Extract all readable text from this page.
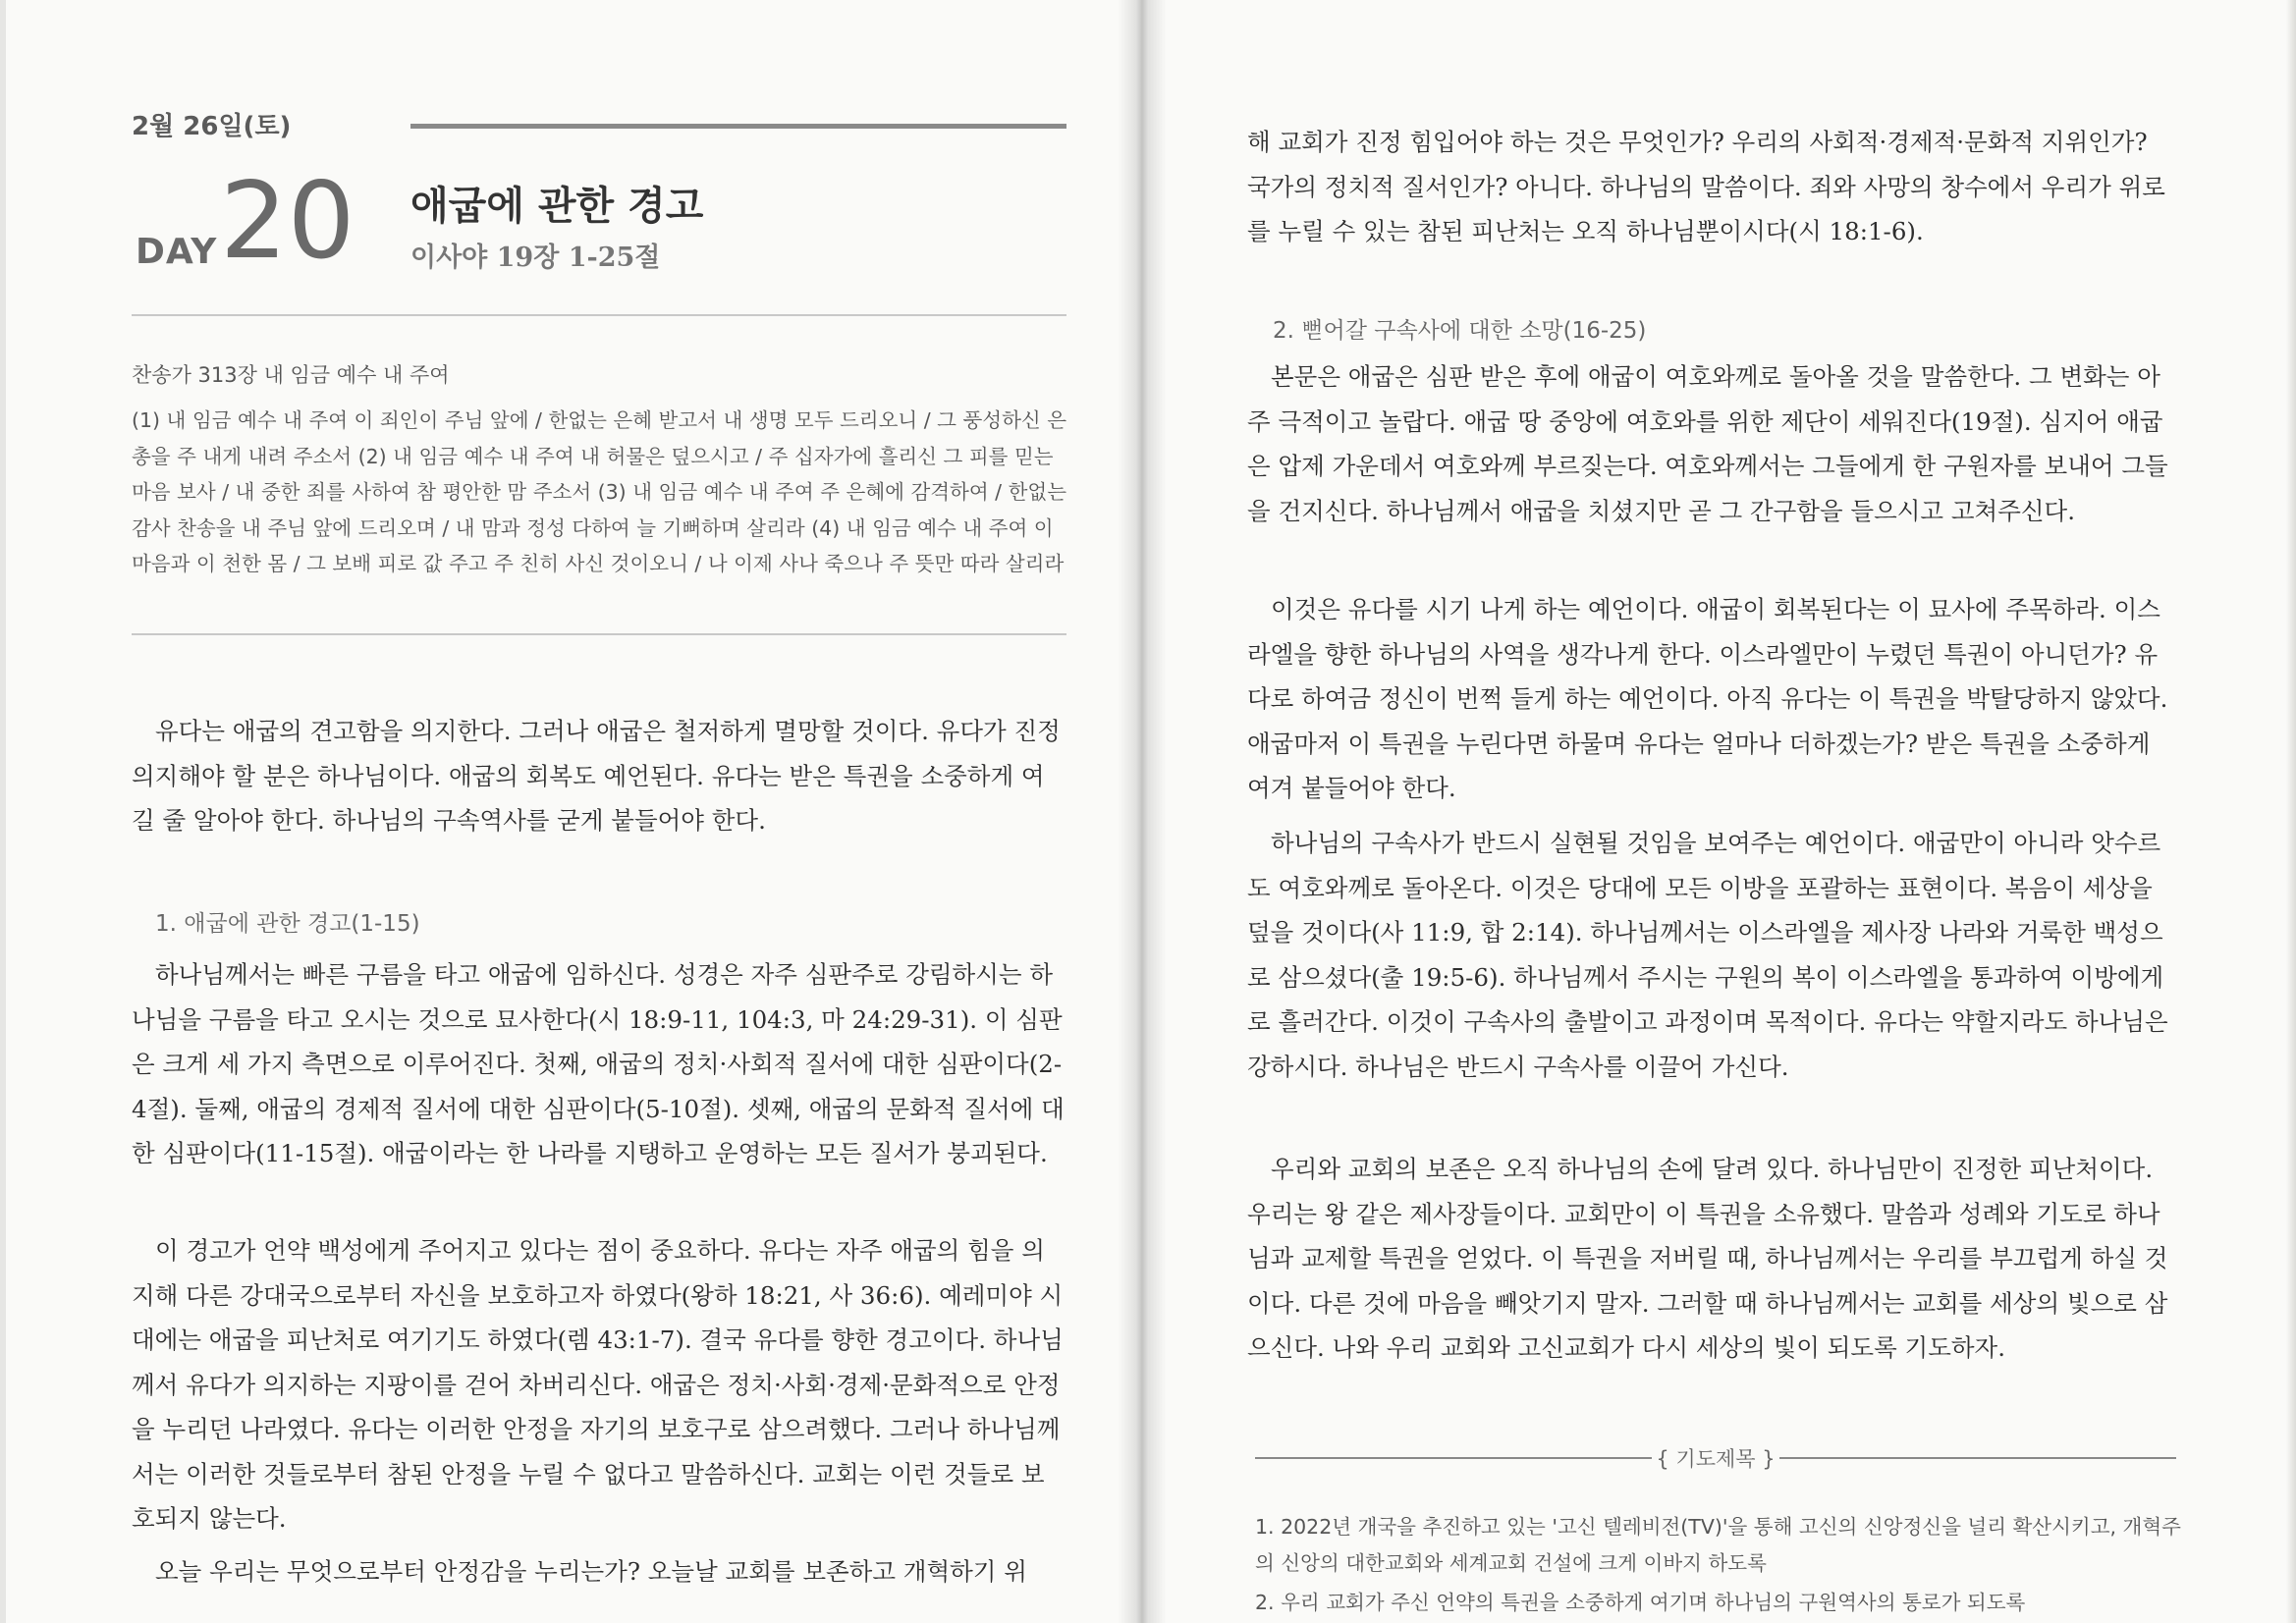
2월 26일(토)
DAY 20 애굽에 관한 경고
이사야 19장 1-25절
찬송가 313장 내 임금 예수 내 주여

(1) 내 임금 예수 내 주여 이 죄인이 주님 앞에 / 한없는 은혜 받고서 내 생명 모두 드리오니 / 그 풍성하신 은총을 주 내게 내려 주소서 (2) 내 임금 예수 내 주여 내 허물은 덮으시고 / 주 십자가에 흘리신 그 피를 믿는 마음 보사 / 내 중한 죄를 사하여 참 평안한 맘 주소서 (3) 내 임금 예수 내 주여 주 은혜에 감격하여 / 한없는 감사 찬송을 내 주님 앞에 드리오며 / 내 맘과 정성 다하여 늘 기뻐하며 살리라 (4) 내 임금 예수 내 주여 이 마음과 이 천한 몸 / 그 보배 피로 값 주고 주 친히 사신 것이오니 / 나 이제 사나 죽으나 주 뜻만 따라 살리라

유다는 애굽의 견고함을 의지한다. 그러나 애굽은 철저하게 멸망할 것이다. 유다가 진정 의지해야 할 분은 하나님이다. 애굽의 회복도 예언된다. 유다는 받은 특권을 소중하게 여길 줄 알아야 한다. 하나님의 구속역사를 굳게 붙들어야 한다.

1. 애굽에 관한 경고(1-15)

하나님께서는 빠른 구름을 타고 애굽에 임하신다. 성경은 자주 심판주로 강림하시는 하나님을 구름을 타고 오시는 것으로 묘사한다(시 18:9-11, 104:3, 마 24:29-31). 이 심판은 크게 세 가지 측면으로 이루어진다. 첫째, 애굽의 정치·사회적 질서에 대한 심판이다(2-4절). 둘째, 애굽의 경제적 질서에 대한 심판이다(5-10절). 셋째, 애굽의 문화적 질서에 대한 심판이다(11-15절). 애굽이라는 한 나라를 지탱하고 운영하는 모든 질서가 붕괴된다.

이 경고가 언약 백성에게 주어지고 있다는 점이 중요하다. 유다는 자주 애굽의 힘을 의지해 다른 강대국으로부터 자신을 보호하고자 하였다(왕하 18:21, 사 36:6). 예레미야 시대에는 애굽을 피난처로 여기기도 하였다(렘 43:1-7). 결국 유다를 향한 경고이다. 하나님께서 유다가 의지하는 지팡이를 걷어 차버리신다. 애굽은 정치·사회·경제·문화적으로 안정을 누리던 나라였다. 유다는 이러한 안정을 자기의 보호구로 삼으려했다. 그러나 하나님께서는 이러한 것들로부터 참된 안정을 누릴 수 없다고 말씀하신다. 교회는 이런 것들로 보호되지 않는다.

오늘 우리는 무엇으로부터 안정감을 누리는가? 오늘날 교회를 보존하고 개혁하기 위

해 교회가 진정 힘입어야 하는 것은 무엇인가? 우리의 사회적·경제적·문화적 지위인가? 국가의 정치적 질서인가? 아니다. 하나님의 말씀이다. 죄와 사망의 창수에서 우리가 위로를 누릴 수 있는 참된 피난처는 오직 하나님뿐이시다(시 18:1-6).

2. 뻗어갈 구속사에 대한 소망(16-25)

본문은 애굽은 심판 받은 후에 애굽이 여호와께로 돌아올 것을 말씀한다. 그 변화는 아주 극적이고 놀랍다. 애굽 땅 중앙에 여호와를 위한 제단이 세워진다(19절). 심지어 애굽은 압제 가운데서 여호와께 부르짖는다. 여호와께서는 그들에게 한 구원자를 보내어 그들을 건지신다. 하나님께서 애굽을 치셨지만 곧 그 간구함을 들으시고 고쳐주신다.

이것은 유다를 시기 나게 하는 예언이다. 애굽이 회복된다는 이 묘사에 주목하라. 이스라엘을 향한 하나님의 사역을 생각나게 한다. 이스라엘만이 누렸던 특권이 아니던가? 유다로 하여금 정신이 번쩍 들게 하는 예언이다. 아직 유다는 이 특권을 박탈당하지 않았다. 애굽마저 이 특권을 누린다면 하물며 유다는 얼마나 더하겠는가? 받은 특권을 소중하게 여겨 붙들어야 한다.

하나님의 구속사가 반드시 실현될 것임을 보여주는 예언이다. 애굽만이 아니라 앗수르도 여호와께로 돌아온다. 이것은 당대에 모든 이방을 포괄하는 표현이다. 복음이 세상을 덮을 것이다(사 11:9, 합 2:14). 하나님께서는 이스라엘을 제사장 나라와 거룩한 백성으로 삼으셨다(출 19:5-6). 하나님께서 주시는 구원의 복이 이스라엘을 통과하여 이방에게로 흘러간다. 이것이 구속사의 출발이고 과정이며 목적이다. 유다는 약할지라도 하나님은 강하시다. 하나님은 반드시 구속사를 이끌어 가신다.

우리와 교회의 보존은 오직 하나님의 손에 달려 있다. 하나님만이 진정한 피난처이다. 우리는 왕 같은 제사장들이다. 교회만이 이 특권을 소유했다. 말씀과 성례와 기도로 하나님과 교제할 특권을 얻었다. 이 특권을 저버릴 때, 하나님께서는 우리를 부끄럽게 하실 것이다. 다른 것에 마음을 빼앗기지 말자. 그러할 때 하나님께서는 교회를 세상의 빛으로 삼으신다. 나와 우리 교회와 고신교회가 다시 세상의 빛이 되도록 기도하자.

{ 기도제목 }

1. 2022년 개국을 추진하고 있는 '고신 텔레비전(TV)'을 통해 고신의 신앙정신을 널리 확산시키고, 개혁주의 신앙의 대한교회와 세계교회 건설에 크게 이바지 하도록

2. 우리 교회가 주신 언약의 특권을 소중하게 여기며 하나님의 구원역사의 통로가 되도록
